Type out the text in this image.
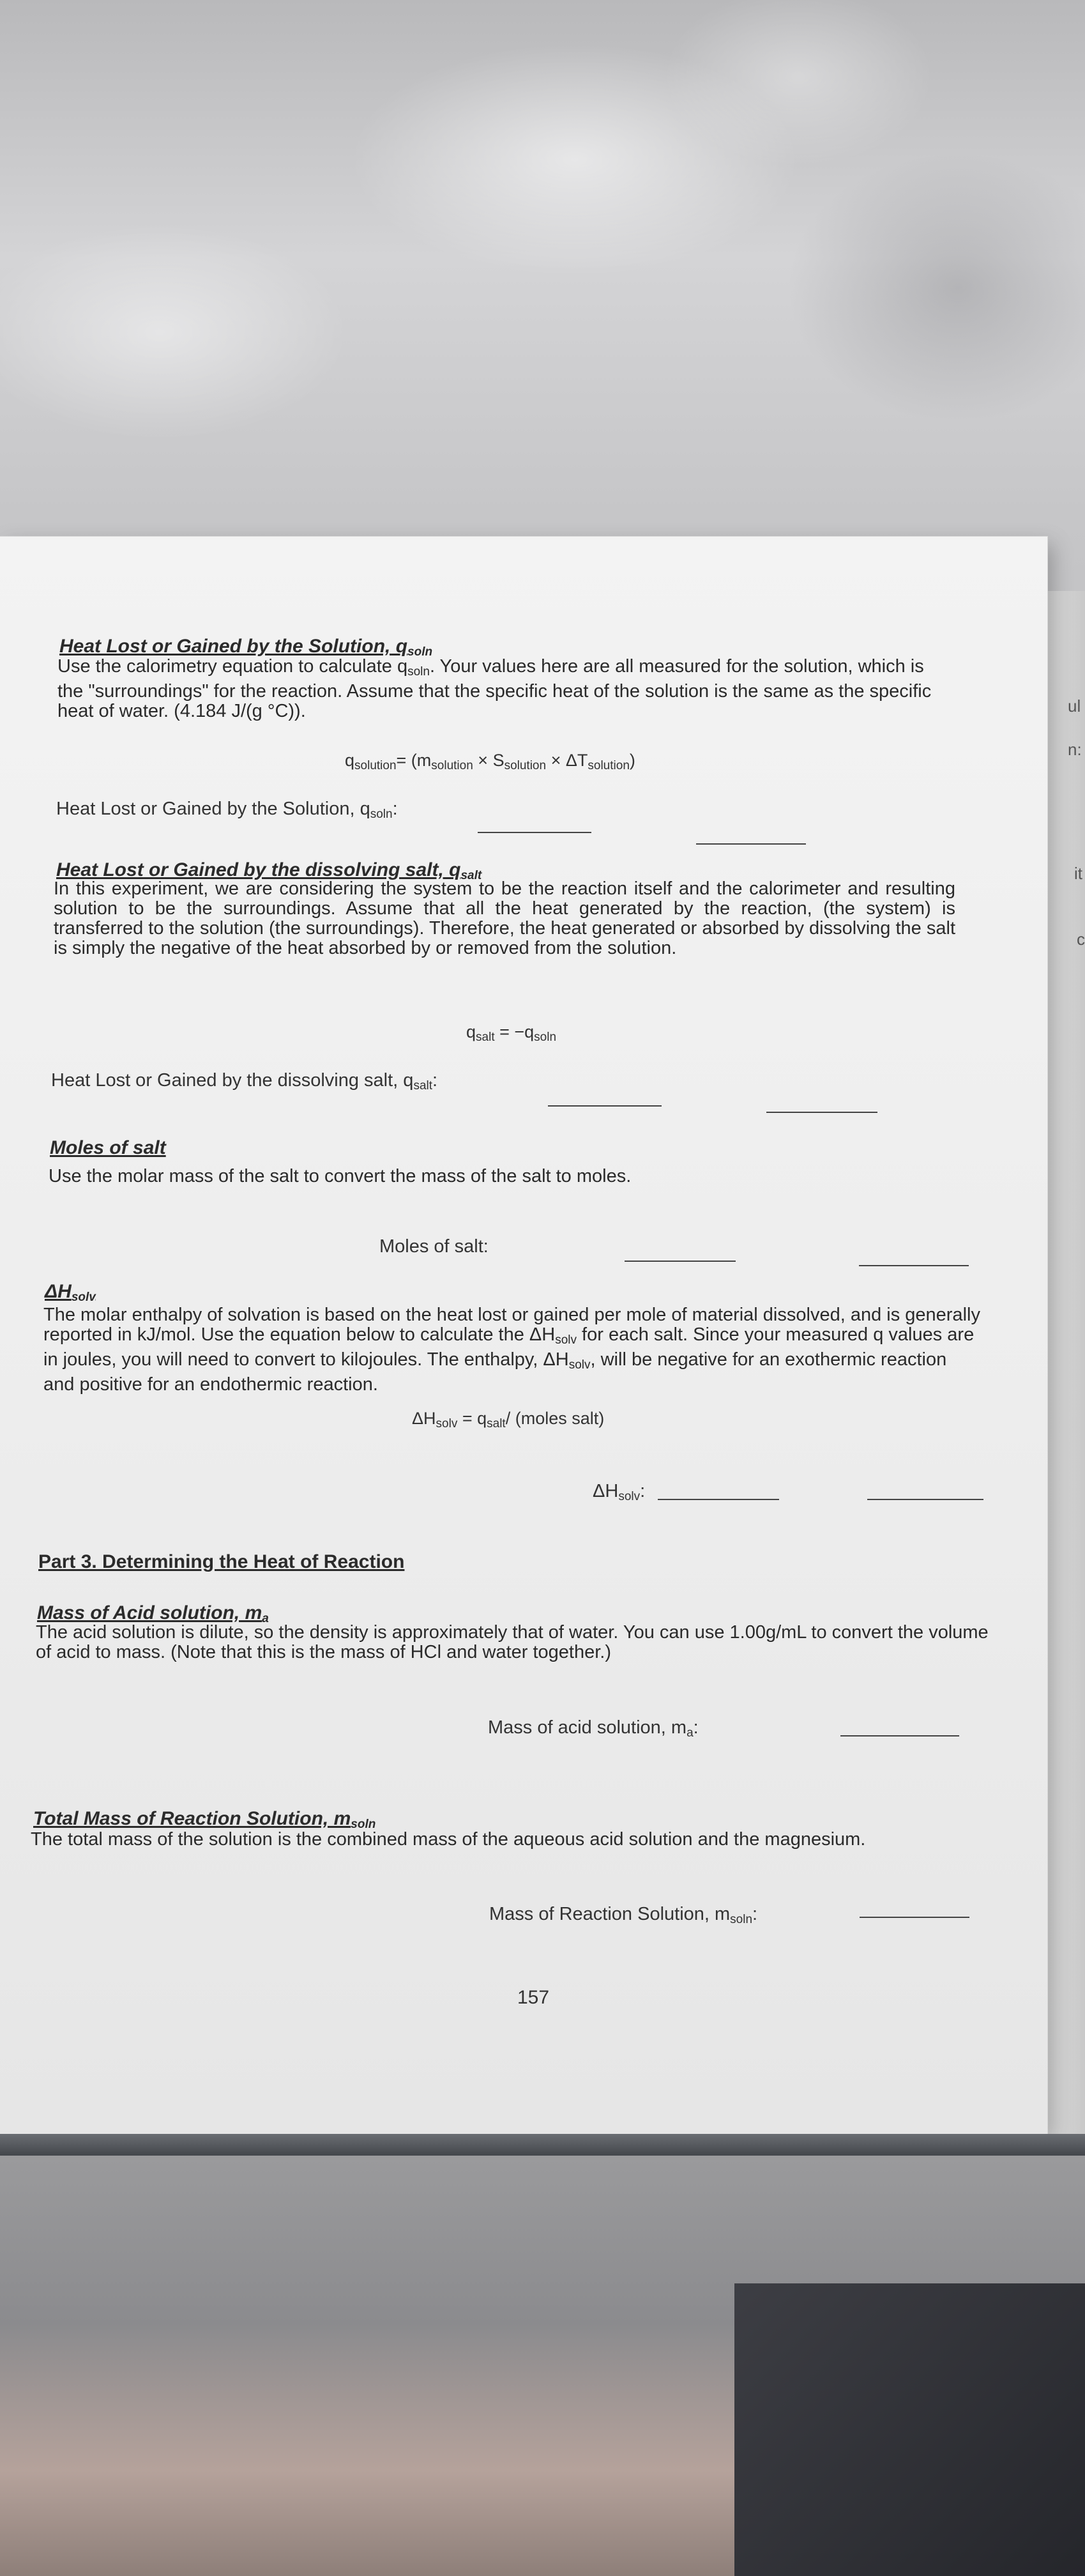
ul
n:
it
c
Heat Lost or Gained by the Solution, $q_{soln}$

Use the calorimetry equation to calculate $q_{soln}$. Your values here are all measured for the solution, which is the "surroundings" for the reaction. Assume that the specific heat of the solution is the same as the specific heat of water. (4.184 J/(g °C)).

$q_{solution}= (m_{solution} \times S_{solution} \times \Delta T_{solution})$

Heat Lost or Gained by the Solution, $q_{soln}$:

Heat Lost or Gained by the dissolving salt, $q_{salt}$

In this experiment, we are considering the system to be the reaction itself and the calorimeter and resulting solution to be the surroundings. Assume that all the heat generated by the reaction, (the system) is transferred to the solution (the surroundings). Therefore, the heat generated or absorbed by dissolving the salt is simply the negative of the heat absorbed by or removed from the solution.

$q_{salt} = -q_{soln}$

Heat Lost or Gained by the dissolving salt, $q_{salt}$:

Moles of salt

Use the molar mass of the salt to convert the mass of the salt to moles.

Moles of salt:

$\Delta H_{solv}$

The molar enthalpy of solvation is based on the heat lost or gained per mole of material dissolved, and is generally reported in kJ/mol. Use the equation below to calculate the $\Delta H_{solv}$ for each salt. Since your measured q values are in joules, you will need to convert to kilojoules. The enthalpy, $\Delta H_{solv}$, will be negative for an exothermic reaction and positive for an endothermic reaction.

$\Delta H_{solv} = q_{salt}/$ (moles salt)

$\Delta H_{solv}$:

Part 3. Determining the Heat of Reaction
Mass of Acid solution, $m_a$

The acid solution is dilute, so the density is approximately that of water. You can use 1.00g/mL to convert the volume of acid to mass. (Note that this is the mass of HCl and water together.)

Mass of acid solution, $m_a$:

Total Mass of Reaction Solution, $m_{soln}$

The total mass of the solution is the combined mass of the aqueous acid solution and the magnesium.

Mass of Reaction Solution, $m_{soln}$:

157
